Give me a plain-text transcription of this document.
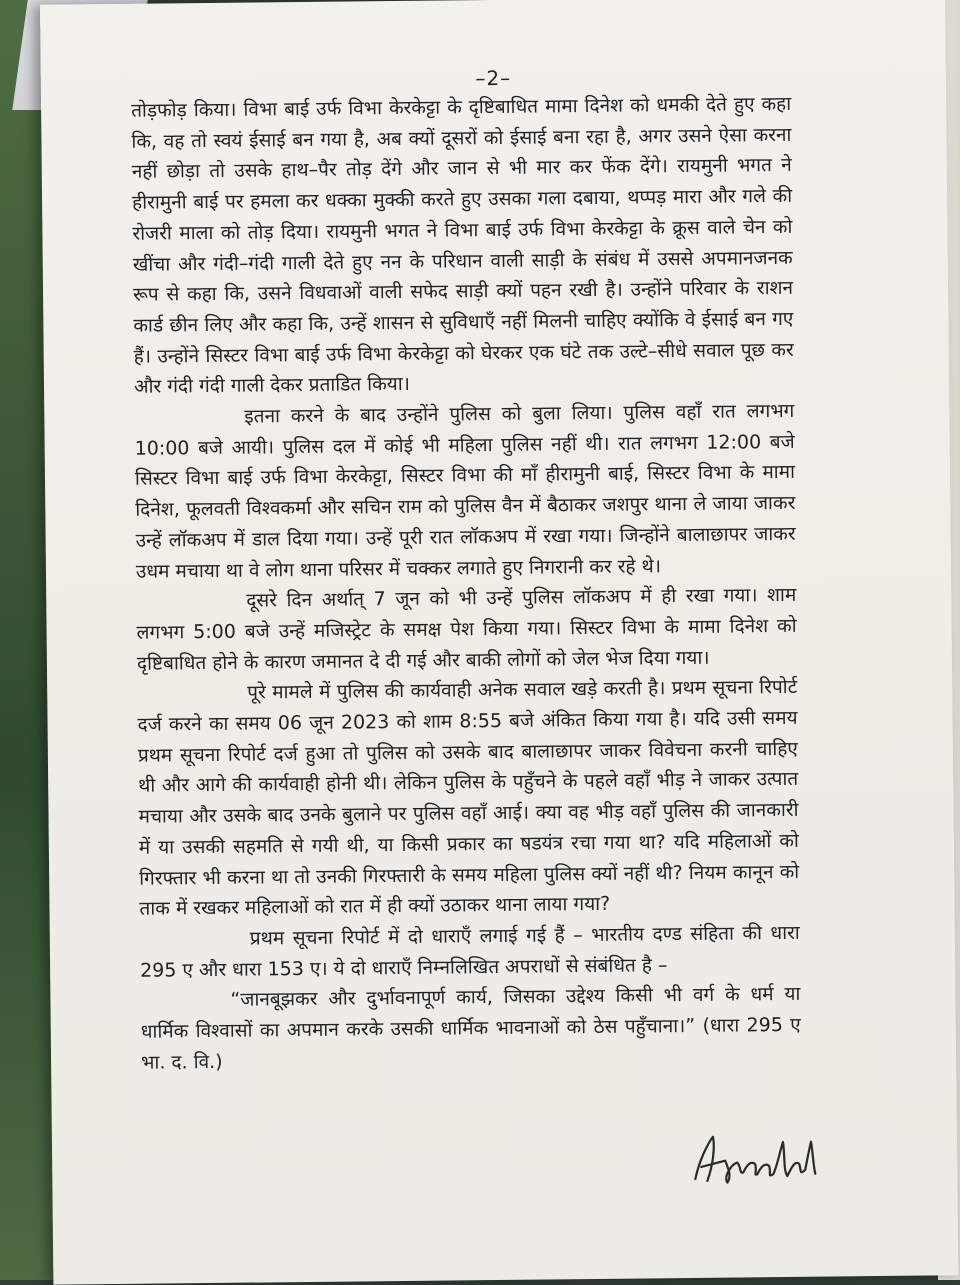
–2–

तोड़फोड़ किया। विभा बाई उर्फ विभा केरकेट्टा के दृष्टिबाधित मामा दिनेश को धमकी देते हुए कहा कि, वह तो स्वयं ईसाई बन गया है, अब क्यों दूसरों को ईसाई बना रहा है, अगर उसने ऐसा करना नहीं छोड़ा तो उसके हाथ–पैर तोड़ देंगे और जान से भी मार कर फेंक देंगे। रायमुनी भगत ने हीरामुनी बाई पर हमला कर धक्का मुक्की करते हुए उसका गला दबाया, थप्पड़ मारा और गले की रोजरी माला को तोड़ दिया। रायमुनी भगत ने विभा बाई उर्फ विभा केरकेट्टा के क्रूस वाले चेन को खींचा और गंदी–गंदी गाली देते हुए नन के परिधान वाली साड़ी के संबंध में उससे अपमानजनक रूप से कहा कि, उसने विधवाओं वाली सफेद साड़ी क्यों पहन रखी है। उन्होंने परिवार के राशन कार्ड छीन लिए और कहा कि, उन्हें शासन से सुविधाएँ नहीं मिलनी चाहिए क्योंकि वे ईसाई बन गए हैं। उन्होंने सिस्टर विभा बाई उर्फ विभा केरकेट्टा को घेरकर एक घंटे तक उल्टे–सीधे सवाल पूछ कर और गंदी गंदी गाली देकर प्रताडित किया।

इतना करने के बाद उन्होंने पुलिस को बुला लिया। पुलिस वहाँ रात लगभग 10:00 बजे आयी। पुलिस दल में कोई भी महिला पुलिस नहीं थी। रात लगभग 12:00 बजे सिस्टर विभा बाई उर्फ विभा केरकेट्टा, सिस्टर विभा की माँ हीरामुनी बाई, सिस्टर विभा के मामा दिनेश, फूलवती विश्वकर्मा और सचिन राम को पुलिस वैन में बैठाकर जशपुर थाना ले जाया जाकर उन्हें लॉकअप में डाल दिया गया। उन्हें पूरी रात लॉकअप में रखा गया। जिन्होंने बालाछापर जाकर उधम मचाया था वे लोग थाना परिसर में चक्कर लगाते हुए निगरानी कर रहे थे।

दूसरे दिन अर्थात् 7 जून को भी उन्हें पुलिस लॉकअप में ही रखा गया। शाम लगभग 5:00 बजे उन्हें मजिस्ट्रेट के समक्ष पेश किया गया। सिस्टर विभा के मामा दिनेश को दृष्टिबाधित होने के कारण जमानत दे दी गई और बाकी लोगों को जेल भेज दिया गया।

पूरे मामले में पुलिस की कार्यवाही अनेक सवाल खड़े करती है। प्रथम सूचना रिपोर्ट दर्ज करने का समय 06 जून 2023 को शाम 8:55 बजे अंकित किया गया है। यदि उसी समय प्रथम सूचना रिपोर्ट दर्ज हुआ तो पुलिस को उसके बाद बालाछापर जाकर विवेचना करनी चाहिए थी और आगे की कार्यवाही होनी थी। लेकिन पुलिस के पहुँचने के पहले वहाँ भीड़ ने जाकर उत्पात मचाया और उसके बाद उनके बुलाने पर पुलिस वहाँ आई। क्या वह भीड़ वहाँ पुलिस की जानकारी में या उसकी सहमति से गयी थी, या किसी प्रकार का षडयंत्र रचा गया था? यदि महिलाओं को गिरफ्तार भी करना था तो उनकी गिरफ्तारी के समय महिला पुलिस क्यों नहीं थी? नियम कानून को ताक में रखकर महिलाओं को रात में ही क्यों उठाकर थाना लाया गया?

प्रथम सूचना रिपोर्ट में दो धाराएँ लगाई गई हैं – भारतीय दण्ड संहिता की धारा 295 ए और धारा 153 ए। ये दो धाराएँ निम्नलिखित अपराधों से संबंधित है –

“जानबूझकर और दुर्भावनापूर्ण कार्य, जिसका उद्देश्य किसी भी वर्ग के धर्म या धार्मिक विश्वासों का अपमान करके उसकी धार्मिक भावनाओं को ठेस पहुँचाना।” (धारा 295 ए भा. द. वि.)
